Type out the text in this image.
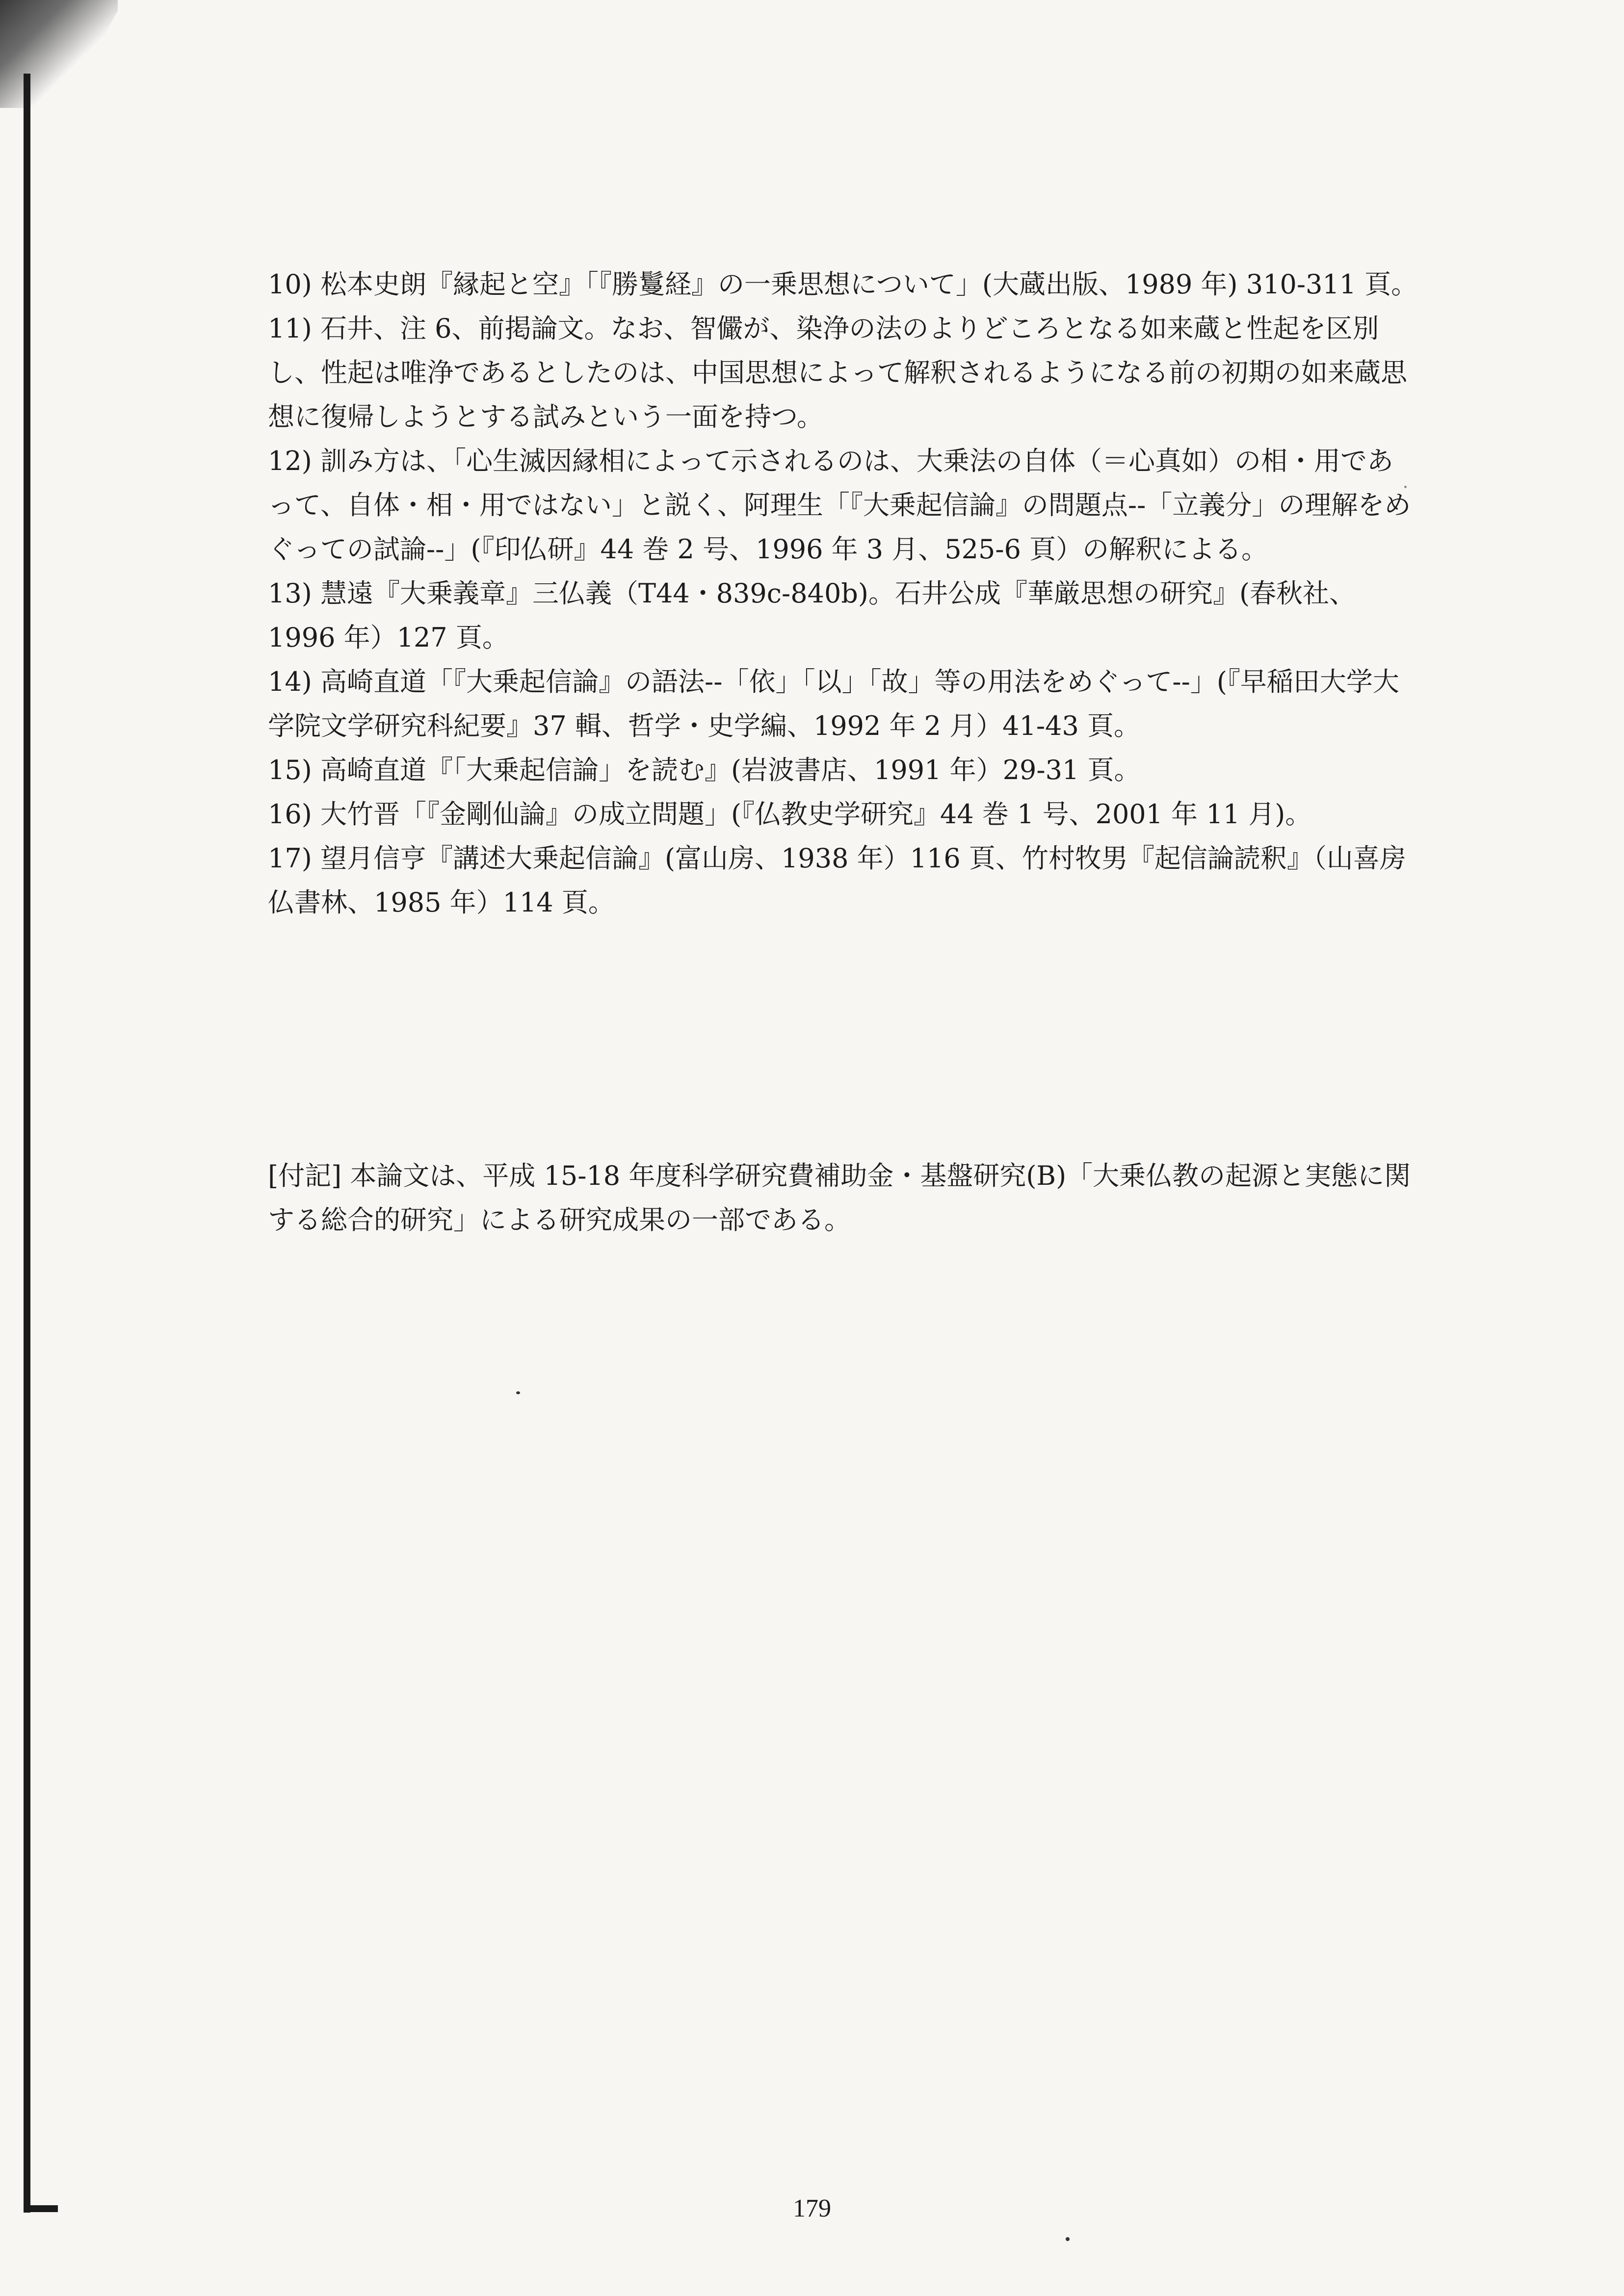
10) 松本史朗『縁起と空』「『勝鬘経』の一乗思想について」(大蔵出版、1989 年) 310-311 頁。

11) 石井、注 6、前掲論文。なお、智儼が、染浄の法のよりどころとなる如来蔵と性起を区別し、性起は唯浄であるとしたのは、中国思想によって解釈されるようになる前の初期の如来蔵思想に復帰しようとする試みという一面を持つ。

12) 訓み方は、「心生滅因縁相によって示されるのは、大乗法の自体（＝心真如）の相・用であって、自体・相・用ではない」と説く、阿理生「『大乗起信論』の問題点--「立義分」の理解をめぐっての試論--」(『印仏研』44 巻 2 号、1996 年 3 月、525-6 頁）の解釈による。

13) 慧遠『大乗義章』三仏義（T44・839c-840b)。石井公成『華厳思想の研究』(春秋社、1996 年）127 頁。

14) 高崎直道「『大乗起信論』の語法--「依」「以」「故」等の用法をめぐって--」(『早稲田大学大学院文学研究科紀要』37 輯、哲学・史学編、1992 年 2 月）41-43 頁。

15) 高崎直道『「大乗起信論」を読む』(岩波書店、1991 年）29-31 頁。

16) 大竹晋「『金剛仙論』の成立問題」(『仏教史学研究』44 巻 1 号、2001 年 11 月)。

17) 望月信亨『講述大乗起信論』(富山房、1938 年）116 頁、竹村牧男『起信論読釈』（山喜房仏書林、1985 年）114 頁。

[付記] 本論文は、平成 15-18 年度科学研究費補助金・基盤研究(B)「大乗仏教の起源と実態に関する総合的研究」による研究成果の一部である。

179
